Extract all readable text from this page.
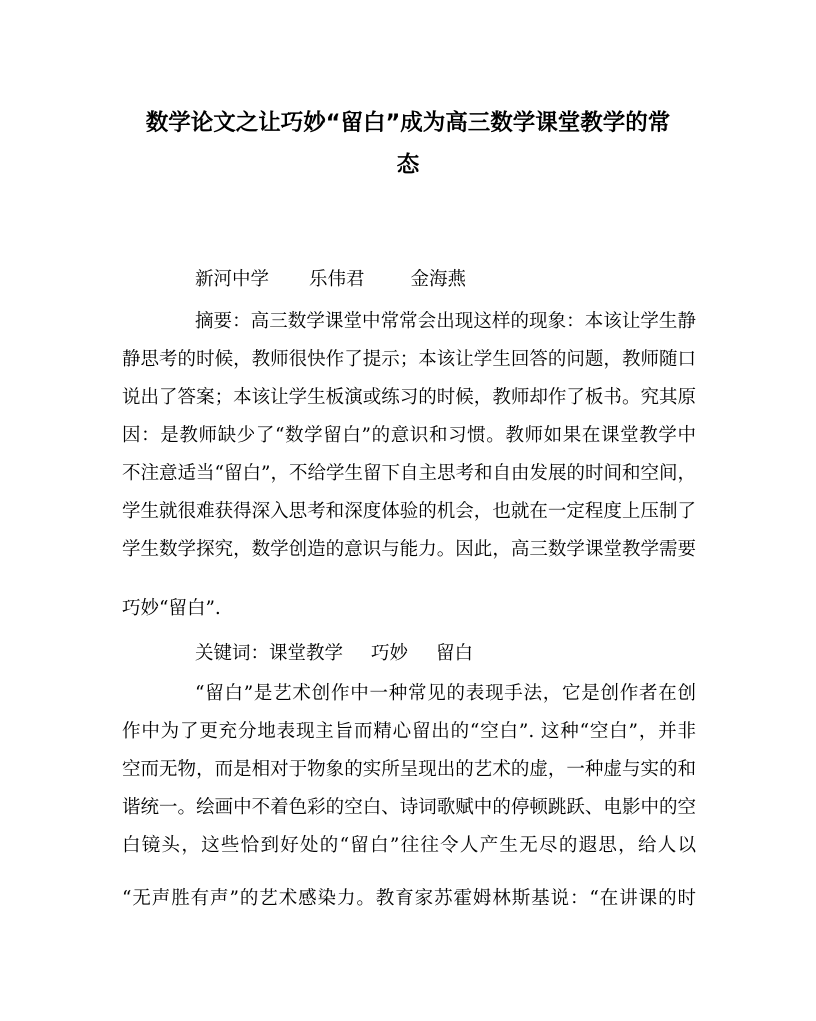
数学论文之让巧妙“留白”成为高三数学课堂教学的常
态
新河中学 乐伟君 金海燕
摘要：高三数学课堂中常常会出现这样的现象：本该让学生静
静思考的时候，教师很快作了提示；本该让学生回答的问题，教师随口
说出了答案；本该让学生板演或练习的时候，教师却作了板书。究其原
因：是教师缺少了“数学留白”的意识和习惯。教师如果在课堂教学中
不注意适当“留白”，不给学生留下自主思考和自由发展的时间和空间，
学生就很难获得深入思考和深度体验的机会，也就在一定程度上压制了
学生数学探究，数学创造的意识与能力。因此，高三数学课堂教学需要
巧妙“留白”.
关键词：课堂教学 巧妙 留白
“留白”是艺术创作中一种常见的表现手法，它是创作者在创
作中为了更充分地表现主旨而精心留出的“空白”. 这种“空白”，并非
空而无物，而是相对于物象的实所呈现出的艺术的虚，一种虚与实的和
谐统一。绘画中不着色彩的空白、诗词歌赋中的停顿跳跃、电影中的空
白镜头，这些恰到好处的“留白”往往令人产生无尽的遐思，给人以
“无声胜有声”的艺术感染力。教育家苏霍姆林斯基说：“在讲课的时
